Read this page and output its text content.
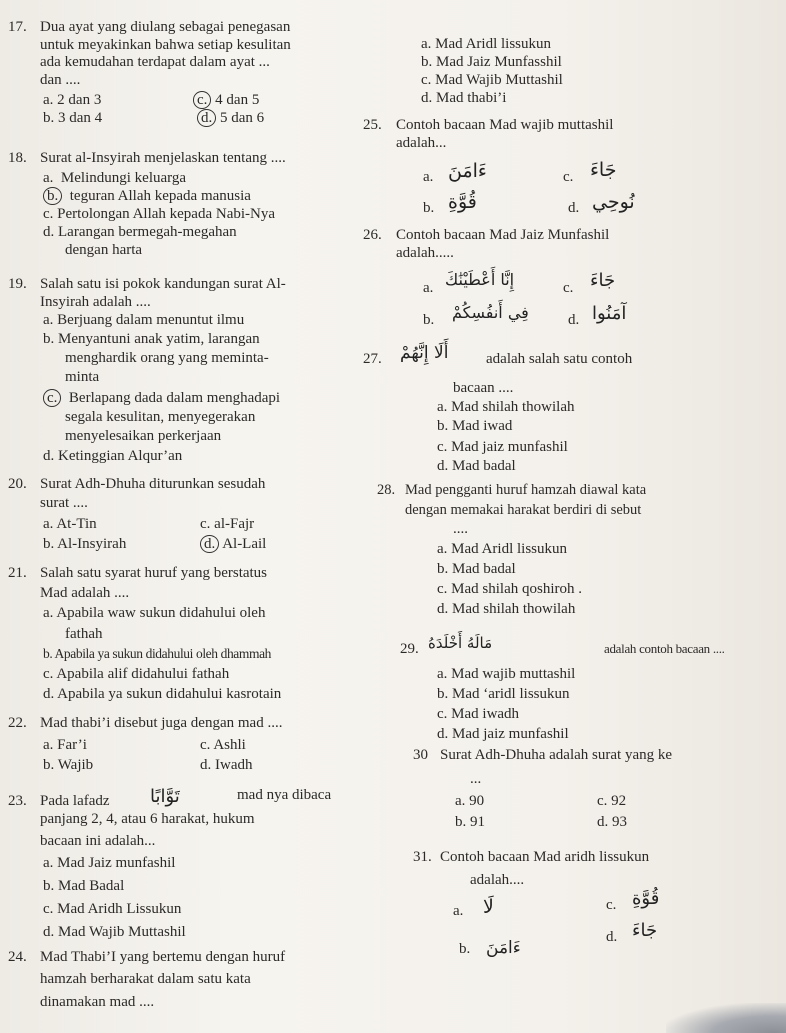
17. Dua ayat yang diulang sebagai penegasan
untuk meyakinkan bahwa setiap kesulitan
ada kemudahan terdapat dalam ayat ...
dan ....
a. 2 dan 3
b. 3 dan 4
c. 4 dan 5
d. 5 dan 6
18. Surat al-Insyirah menjelaskan tentang ....
a. Melindungi keluarga
b. teguran Allah kepada manusia
c. Pertolongan Allah kepada Nabi-Nya
d. Larangan bermegah-megahan
dengan harta
19. Salah satu isi pokok kandungan surat Al-
Insyirah adalah ....
a. Berjuang dalam menuntut ilmu
b. Menyantuni anak yatim, larangan
menghardik orang yang meminta-
minta
c. Berlapang dada dalam menghadapi
segala kesulitan, menyegerakan
menyelesaikan perkerjaan
d. Ketinggian Alqur’an
20. Surat Adh-Dhuha diturunkan sesudah
surat ....
a. At-Tin
b. Al-Insyirah
c. al-Fajr
d. Al-Lail
21. Salah satu syarat huruf yang berstatus
Mad adalah ....
a. Apabila waw sukun didahului oleh
fathah
b. Apabila ya sukun didahului oleh dhammah
c. Apabila alif didahului fathah
d. Apabila ya sukun didahului kasrotain
22. Mad thabi’i disebut juga dengan mad ....
a. Far’i
b. Wajib
c. Ashli
d. Iwadh
23. Pada lafadz تَوَّابًا	mad nya dibaca
panjang 2, 4, atau 6 harakat, hukum
bacaan ini adalah...
a. Mad Jaiz munfashil
b. Mad Badal
c. Mad Aridh Lissukun
d. Mad Wajib Muttashil
24. Mad Thabi’I yang bertemu dengan huruf
hamzah berharakat dalam satu kata
dinamakan mad ....
a. Mad Aridl lissukun
b. Mad Jaiz Munfasshil
c. Mad Wajib Muttashil
d. Mad thabi’i
25. Contoh bacaan Mad wajib muttashil
adalah...
a. ءَامَنَ	c. جَاءَ
b. قُوَّةِ	d. نُوحِي
26. Contoh bacaan Mad Jaiz Munfashil
adalah.....
a. إِنَّا أَعْطَيْنَٰكَ	c. جَاءَ
b. فِي أَنفُسِكُمْ	d. آمَنُوا
27. أَلَا إِنَّهُمْ	adalah salah satu contoh
bacaan ....
a. Mad shilah thowilah
b. Mad iwad
c. Mad jaiz munfashil
d. Mad badal
28. Mad pengganti huruf hamzah diawal kata
dengan memakai harakat berdiri di sebut
....
a. Mad Aridl lissukun
b. Mad badal
c. Mad shilah qoshiroh .
d. Mad shilah thowilah
29. مَالَهُ أَخْلَدَهُ	adalah contoh bacaan ....
a. Mad wajib muttashil
b. Mad ‘aridl lissukun
c. Mad iwadh
d. Mad jaiz munfashil
30 Surat Adh-Dhuha adalah surat yang ke
...
a. 90
b. 91
c. 92
d. 93
31. Contoh bacaan Mad aridh lissukun
adalah....
a. لَا	c. قُوَّةِ
b. ءَامَنَ
d. جَاءَ
